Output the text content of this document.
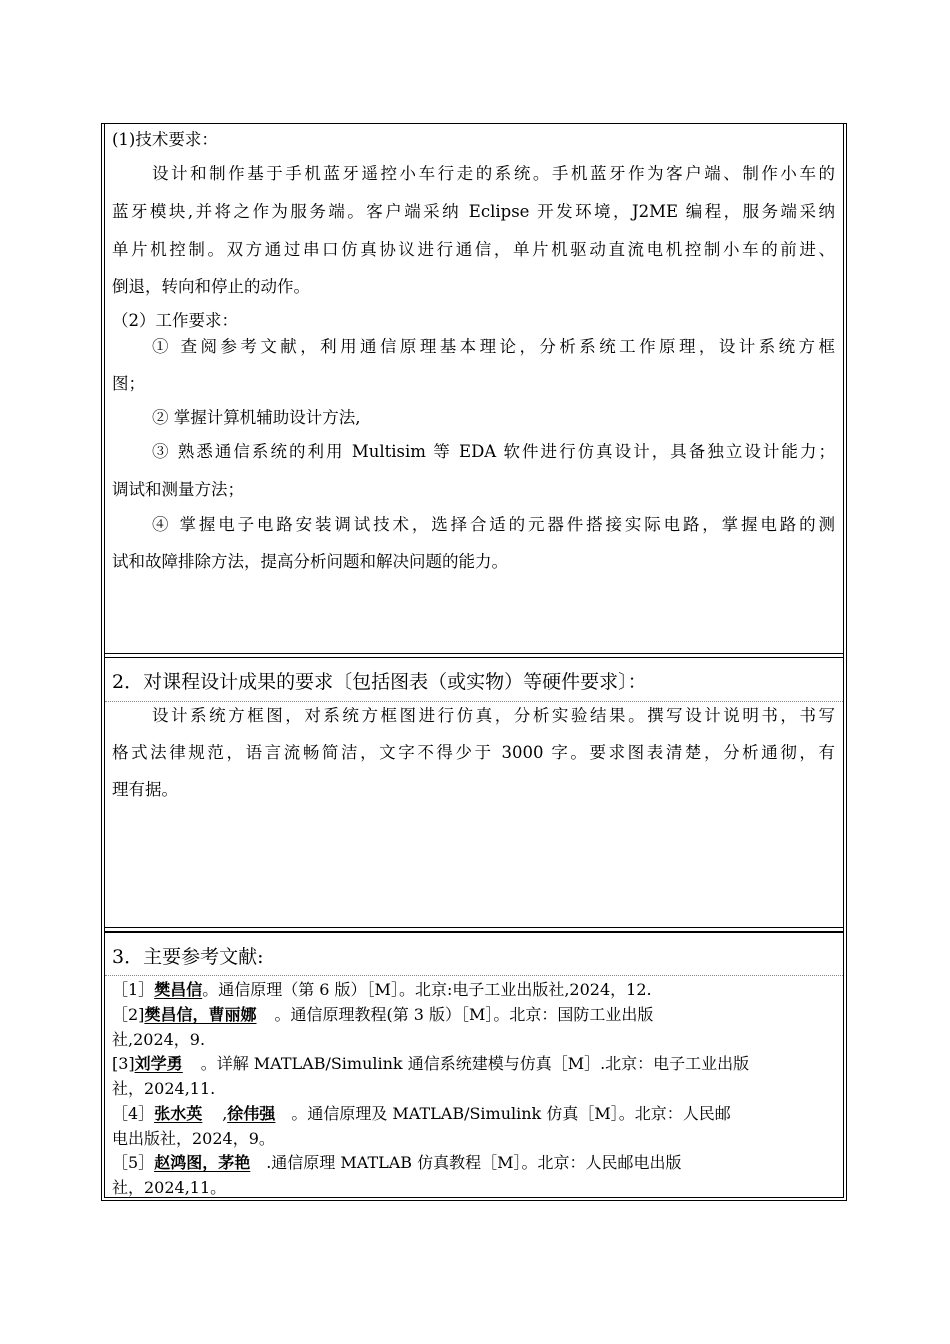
(1)技术要求：
设计和制作基于手机蓝牙遥控小车行走的系统。手机蓝牙作为客户端、制作小车的
蓝牙模块,并将之作为服务端。客户端采纳 Eclipse 开发环境，J2ME 编程，服务端采纳
单片机控制。双方通过串口仿真协议进行通信，单片机驱动直流电机控制小车的前进、
倒退，转向和停止的动作。
（2）工作要求：
① 查阅参考文献，利用通信原理基本理论，分析系统工作原理，设计系统方框
图；
② 掌握计算机辅助设计方法,
③ 熟悉通信系统的利用 Multisim 等 EDA 软件进行仿真设计，具备独立设计能力；
调试和测量方法；
④ 掌握电子电路安装调试技术，选择合适的元器件搭接实际电路，掌握电路的测
试和故障排除方法，提高分析问题和解决问题的能力。
2．对课程设计成果的要求〔包括图表（或实物）等硬件要求〕：
设计系统方框图，对系统方框图进行仿真，分析实验结果。撰写设计说明书，书写
格式法律规范，语言流畅简洁，文字不得少于 3000 字。要求图表清楚，分析通彻，有
理有据。
3．主要参考文献:
［1］樊昌信。通信原理（第 6 版）［M］。北京:电子工业出版社,2024，12.
［2]樊昌信，曹丽娜 。通信原理教程(第 3 版）［M］。北京：国防工业出版
社,2024，9.
[3]刘学勇 。详解 MATLAB/Simulink 通信系统建模与仿真［M］.北京：电子工业出版
社，2024,11.
［4］张水英 ,徐伟强 。通信原理及 MATLAB/Simulink 仿真［M］。北京：人民邮
电出版社，2024，9。
［5］赵鸿图，茅艳 .通信原理 MATLAB 仿真教程［M］。北京：人民邮电出版
社，2024,11。
